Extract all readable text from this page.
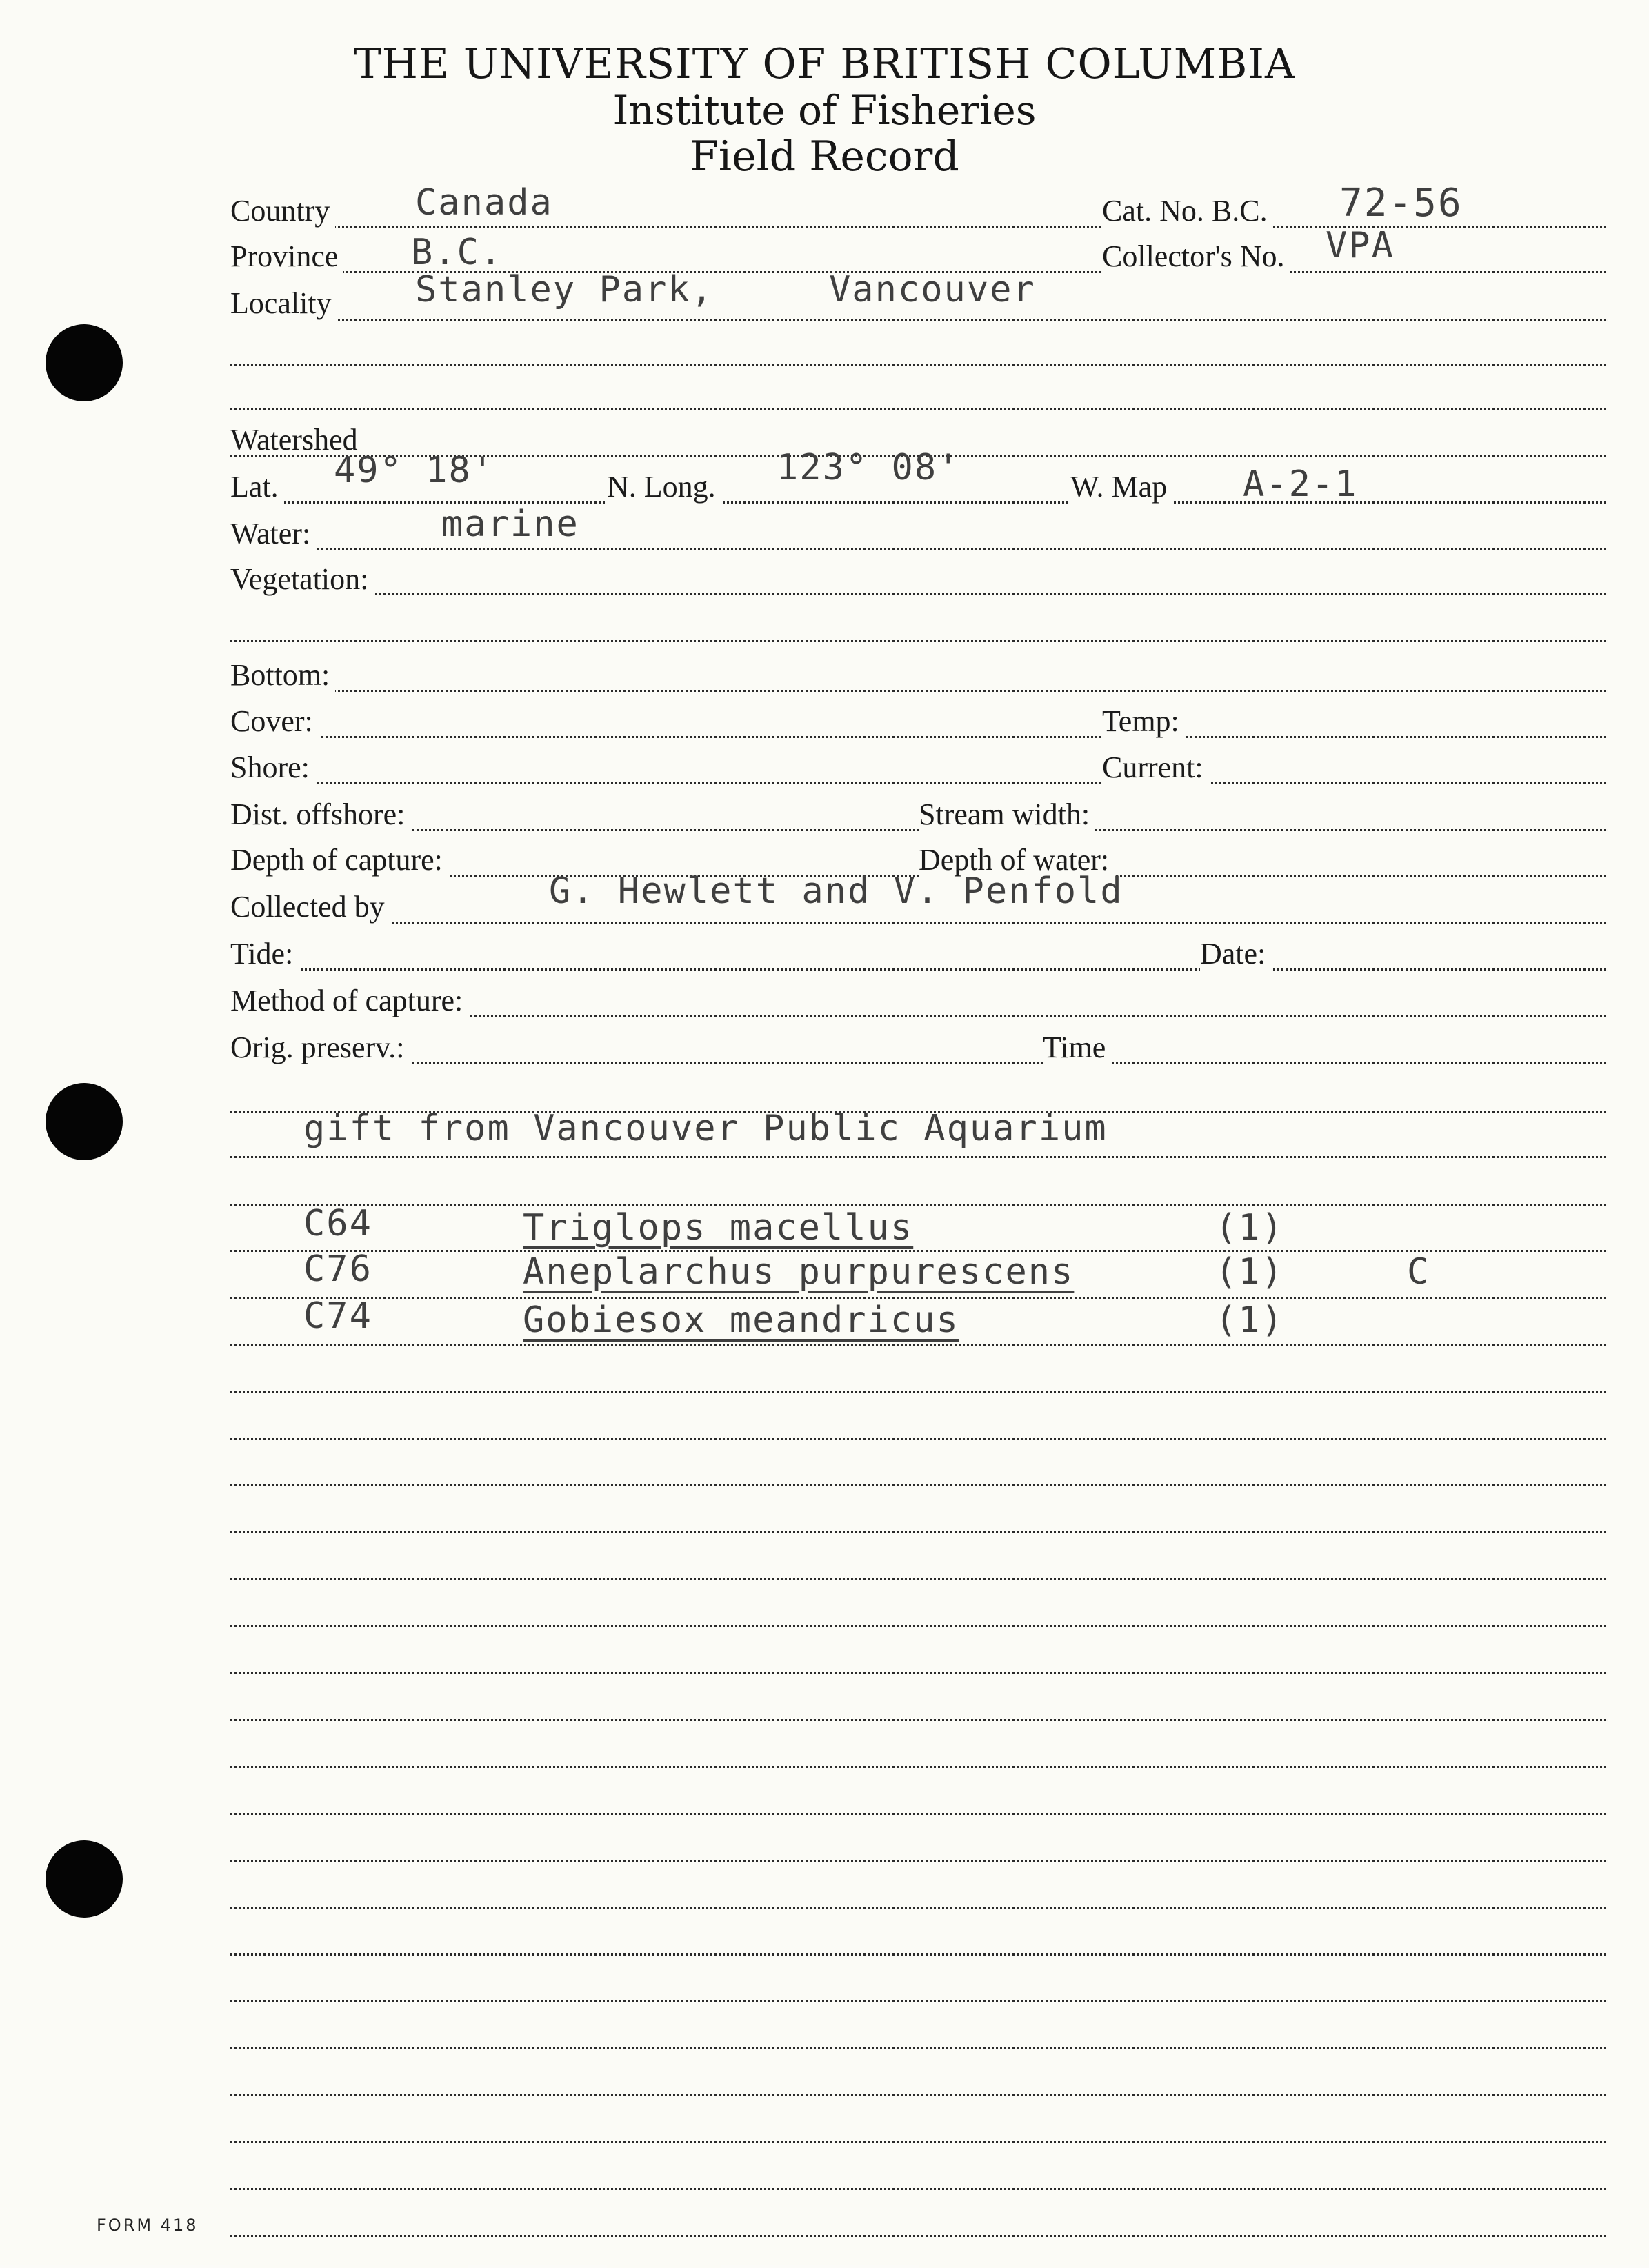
THE UNIVERSITY OF BRITISH COLUMBIA
Institute of Fisheries
Field Record
Country	Cat. No. B.C.
Canada	72-56
Province	Collector's No.
B.C.	VPA
Locality Stanley Park,	Vancouver
Watershed
Lat.	N. Long.	W. Map
49° 18'	123° 08'	A-2-1
Water:	marine
Vegetation:
Bottom:
Cover:	Temp:
Shore:	Current:
Dist. offshore:	Stream width:
Depth of capture:	Depth of water:
Collected by	G. Hewlett and V. Penfold
Tide:	Date:
Method of capture:
Orig. preserv.:	Time
gift from Vancouver Public Aquarium
C64	Triglops macellus	(1)
C76	Aneplarchus purpurescens	(1)	C
C74	Gobiesox meandricus	(1)
FORM 418
